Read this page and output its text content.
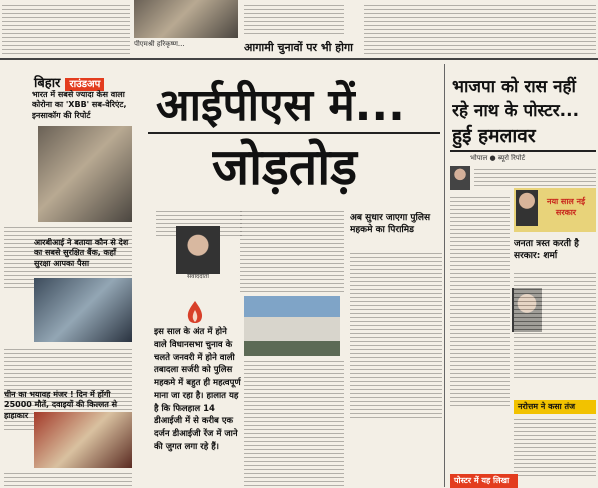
पीएमश्री हरिकृष्ण...	आगामी चुनावों पर भी होगा
बिहार राउंडअप
भारत में सबसे ज्यादा केस वाला कोरोना का 'XBB' सब-वेरिएंट, इनसाकॉग की रिपोर्ट
आरबीआई ने बताया कौन से देश का सबसे सुरक्षित बैंक, कहाँ सुरक्षा आपका पैसा
चीन का भयावह मंजर ! दिन में होंगी 25000 मौतें, दवाइयों की किल्लत से हाहाकार
आईपीएस में...
जोड़तोड़
संवाददाता
अब सुधार जाएगा पुलिस महकमे का पिरामिड
इस साल के अंत में होने वाले विधानसभा चुनाव के चलते जनवरी में होने वाली तबादला सर्जरी को पुलिस महकमे में बहुत ही महत्वपूर्ण माना जा रहा है। हालात यह है कि फिलहाल 14 डीआईजी में से करीब एक दर्जन डीआईजी रेंज में जाने की जुगत लगा रहे हैं।
भाजपा को रास नहीं
रहे नाथ के पोस्टर...
हुई हमलावर
भोपाल ● ब्यूरो रिपोर्ट
नया साल नई सरकार
जनता त्रस्त करती है सरकार: शर्मा
नरोत्तम ने कसा तंज
पोस्टर में यह लिखा
